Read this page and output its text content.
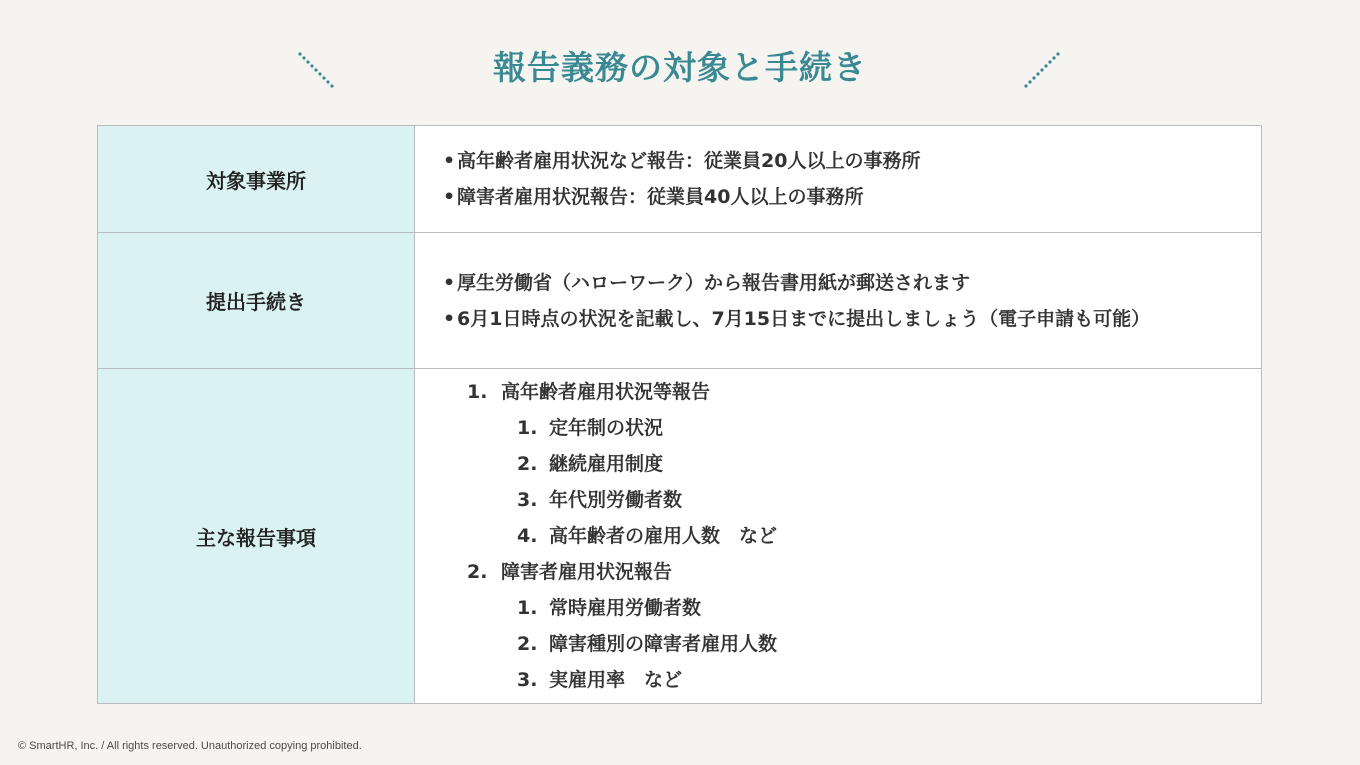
報告義務の対象と手続き
対象事業所
•高年齢者雇用状況など報告：従業員20人以上の事務所
•障害者雇用状況報告：従業員40人以上の事務所
提出手続き
•厚生労働省（ハローワーク）から報告書用紙が郵送されます
•6月1日時点の状況を記載し、7月15日までに提出しましょう（電子申請も可能）
主な報告事項
1. 高年齢者雇用状況等報告
1. 定年制の状況
2. 継続雇用制度
3. 年代別労働者数
4. 高年齢者の雇用人数　など
2. 障害者雇用状況報告
1. 常時雇用労働者数
2. 障害種別の障害者雇用人数
3. 実雇用率　など
© SmartHR, Inc. / All rights reserved. Unauthorized copying prohibited.
